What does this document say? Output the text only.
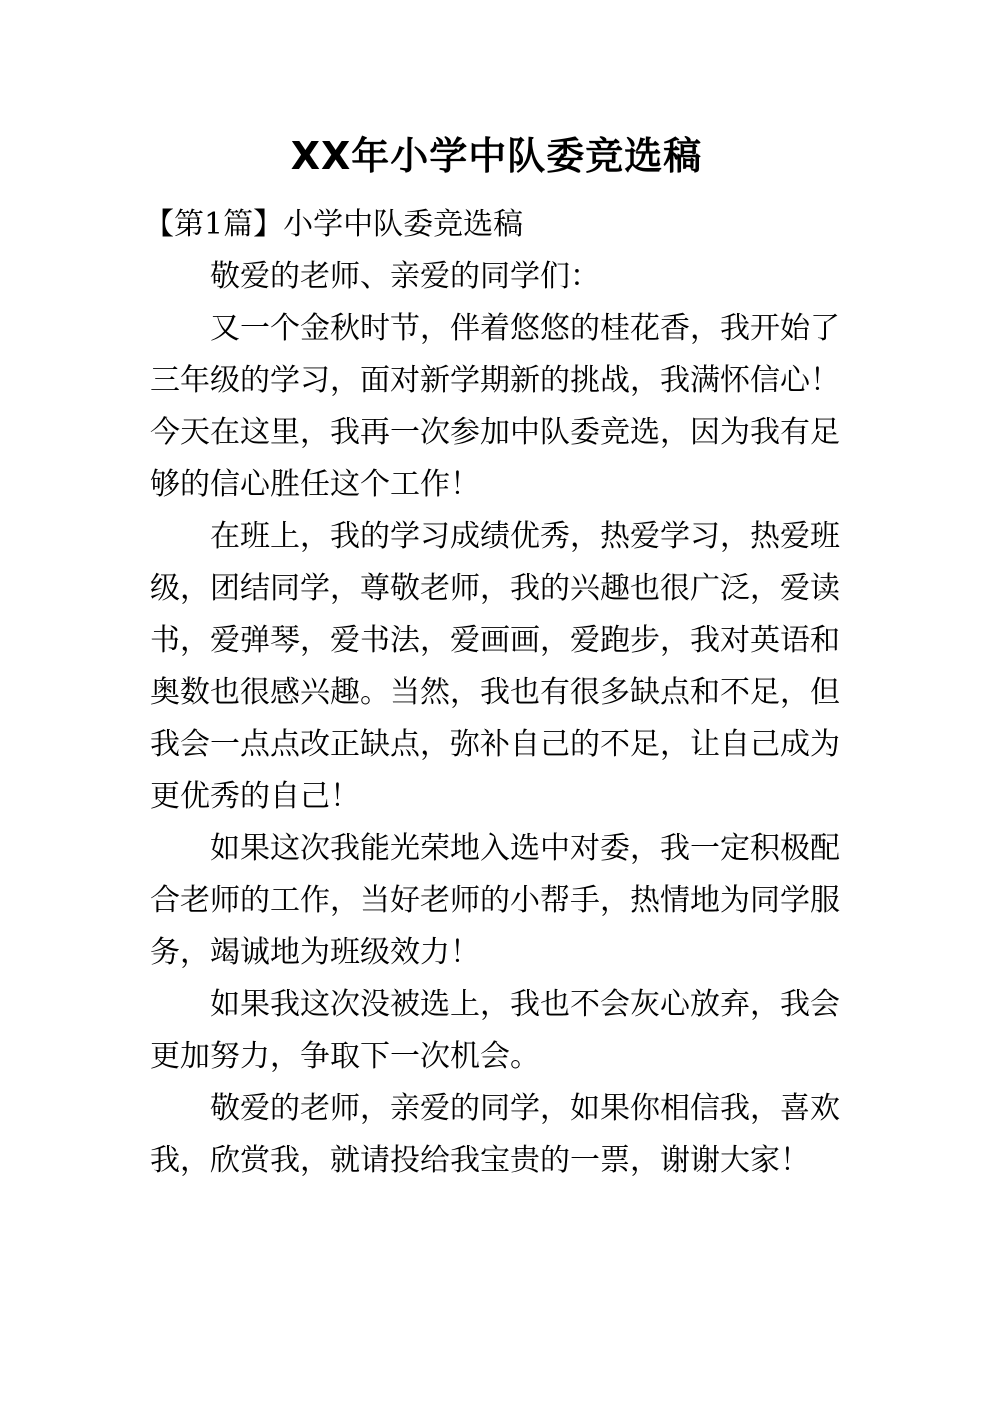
XX年小学中队委竞选稿

【第1篇】小学中队委竞选稿

敬爱的老师、亲爱的同学们：

又一个金秋时节，伴着悠悠的桂花香，我开始了三年级的学习，面对新学期新的挑战，我满怀信心！今天在这里，我再一次参加中队委竞选，因为我有足够的信心胜任这个工作！

在班上，我的学习成绩优秀，热爱学习，热爱班级，团结同学，尊敬老师，我的兴趣也很广泛，爱读书，爱弹琴，爱书法，爱画画，爱跑步，我对英语和奥数也很感兴趣。当然，我也有很多缺点和不足，但我会一点点改正缺点，弥补自己的不足，让自己成为更优秀的自己！

如果这次我能光荣地入选中对委，我一定积极配合老师的工作，当好老师的小帮手，热情地为同学服务，竭诚地为班级效力！

如果我这次没被选上，我也不会灰心放弃，我会更加努力，争取下一次机会。

敬爱的老师，亲爱的同学，如果你相信我，喜欢我，欣赏我，就请投给我宝贵的一票，谢谢大家！
